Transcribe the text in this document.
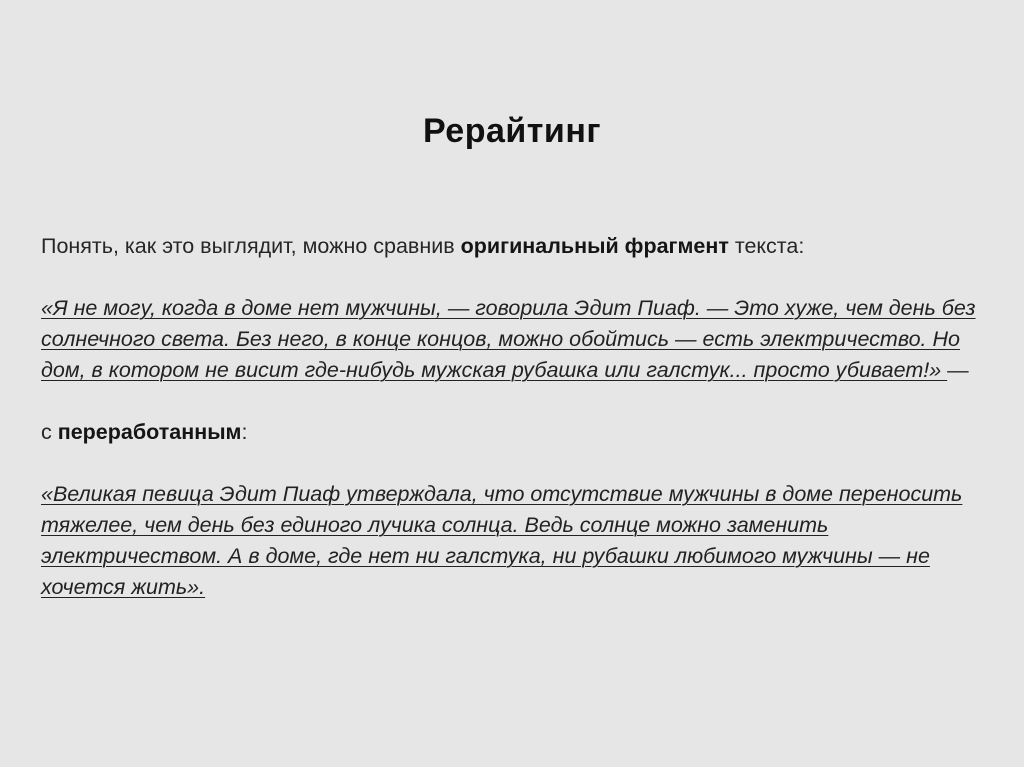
Рерайтинг

Понять, как это выглядит, можно сравнив оригинальный фрагмент текста:

«Я не могу, когда в доме нет мужчины, — говорила Эдит Пиаф. — Это хуже, чем день без солнечного света. Без него, в конце концов, можно обойтись — есть электричество. Но дом, в котором не висит где-нибудь мужская рубашка или галстук... просто убивает!» —

с переработанным:

«Великая певица Эдит Пиаф утверждала, что отсутствие мужчины в доме переносить тяжелее, чем день без единого лучика солнца. Ведь солнце можно заменить электричеством. А в доме, где нет ни галстука, ни рубашки любимого мужчины — не хочется жить».
